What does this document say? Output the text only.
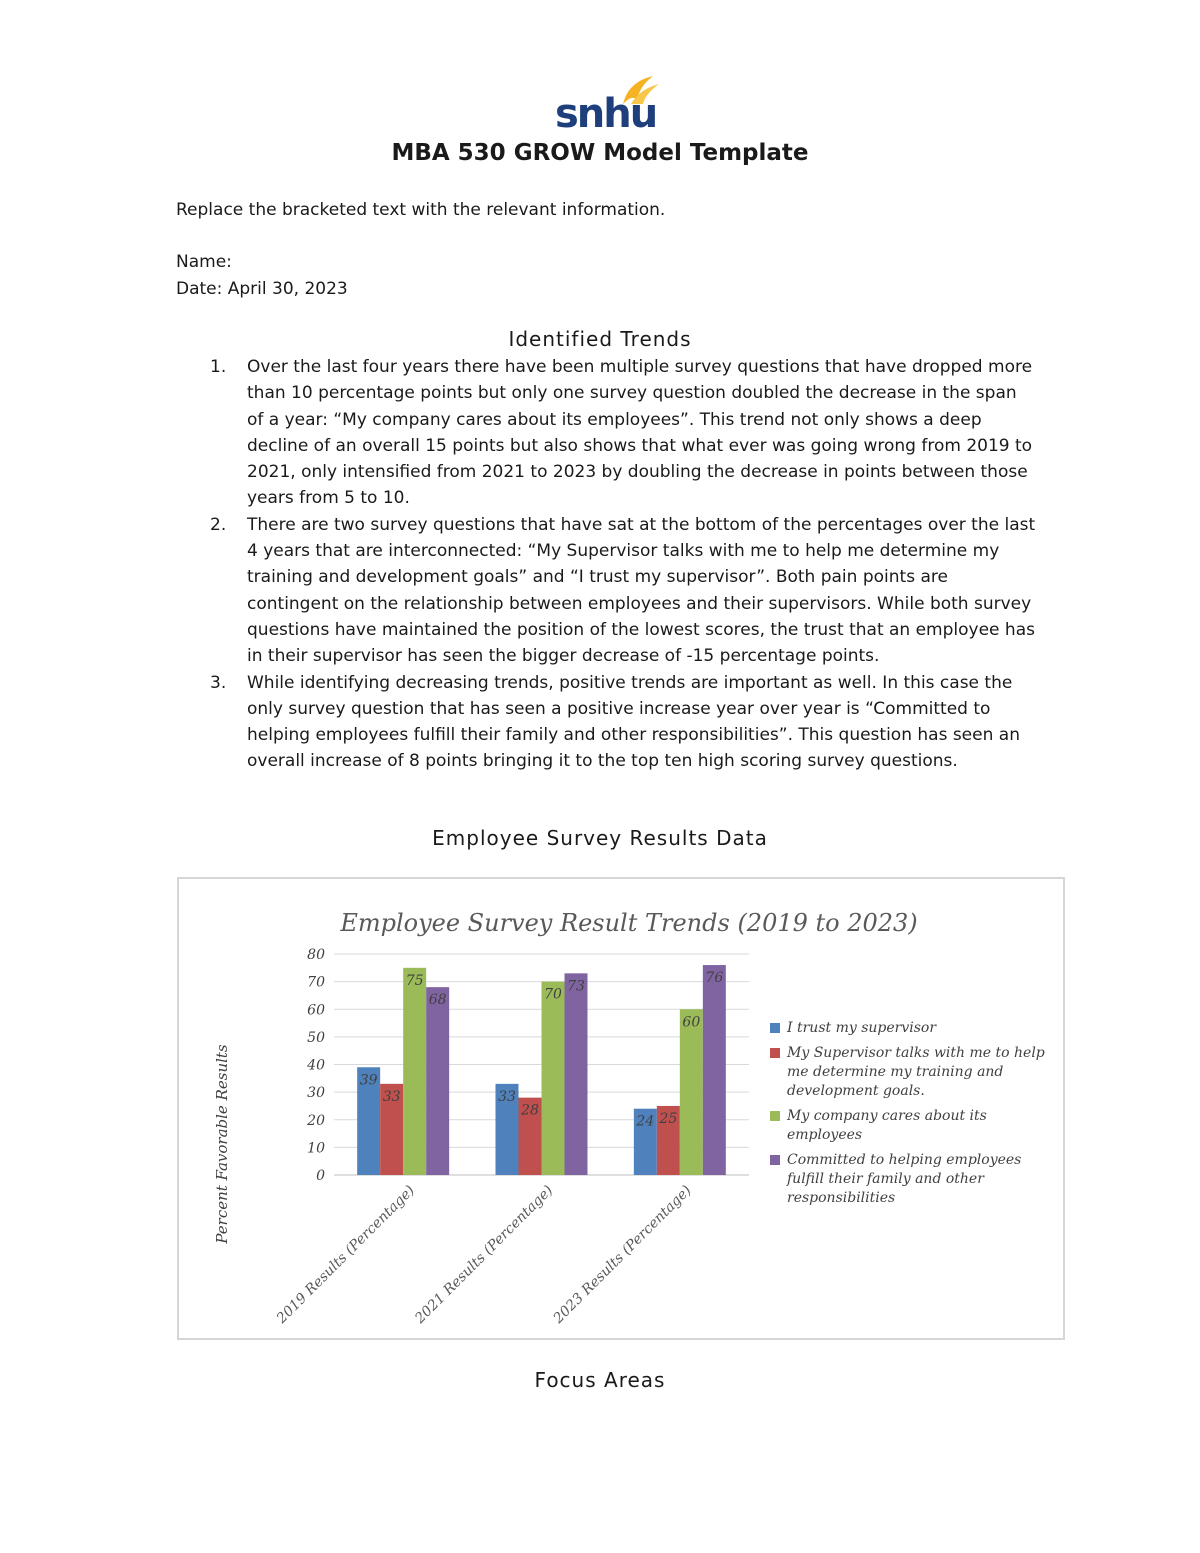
snhu
MBA 530 GROW Model Template
Replace the bracketed text with the relevant information.
Name:
Date: April 30, 2023
Identified Trends
1. Over the last four years there have been multiple survey questions that have dropped more than 10 percentage points but only one survey question doubled the decrease in the span of a year: “My company cares about its employees”. This trend not only shows a deep decline of an overall 15 points but also shows that what ever was going wrong from 2019 to 2021, only intensified from 2021 to 2023 by doubling the decrease in points between those years from 5 to 10.
2. There are two survey questions that have sat at the bottom of the percentages over the last 4 years that are interconnected: “My Supervisor talks with me to help me determine my training and development goals” and “I trust my supervisor”. Both pain points are contingent on the relationship between employees and their supervisors. While both survey questions have maintained the position of the lowest scores, the trust that an employee has in their supervisor has seen the bigger decrease of -15 percentage points.
3. While identifying decreasing trends, positive trends are important as well. In this case the only survey question that has seen a positive increase year over year is “Committed to helping employees fulfill their family and other responsibilities”. This question has seen an overall increase of 8 points bringing it to the top ten high scoring survey questions.
Employee Survey Results Data
Employee Survey Result Trends (2019 to 2023)
0
10
20
30
40
50
60
70
80
Percent Favorable Results	39
33
75
68
2019 Results (Percentage)
33
28
70
73
2021 Results (Percentage)
24 25
60
76
2023 Results (Percentage)
I trust my supervisor
My Supervisor talks with me to help me determine my training and development goals.
My company cares about its employees
Committed to helping employees fulfill their family and other responsibilities
Focus Areas
